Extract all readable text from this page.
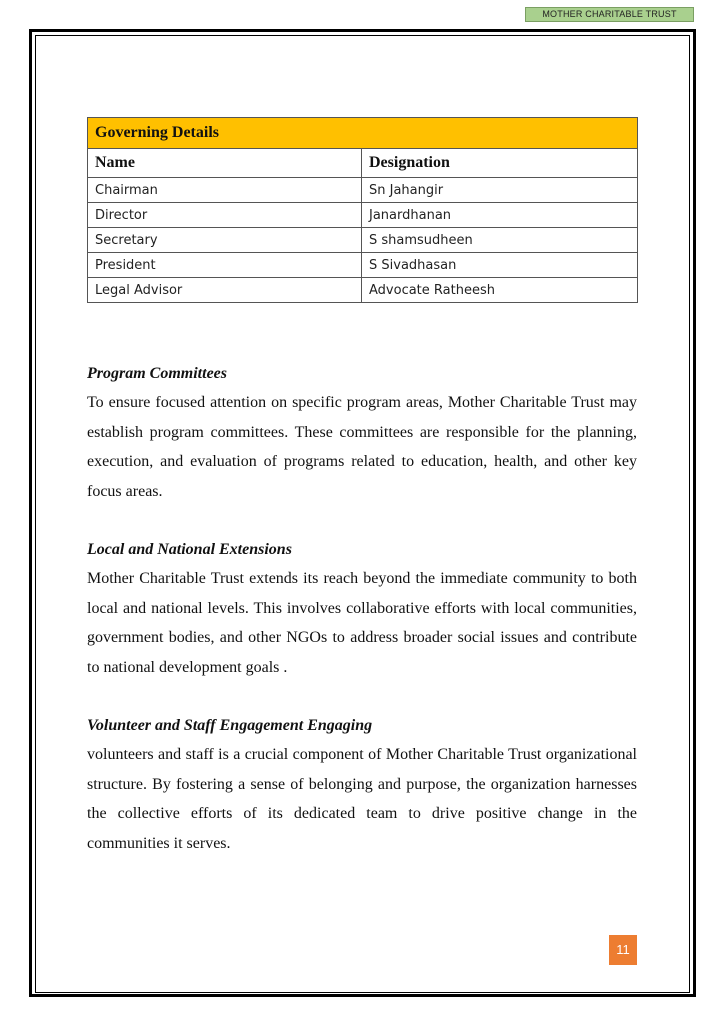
MOTHER CHARITABLE TRUST
Governing Details	
Name	Designation
Chairman	Sn Jahangir
Director	Janardhanan
Secretary	S shamsudheen
President	S Sivadhasan
Legal Advisor	Advocate Ratheesh
Program Committees

To ensure focused attention on specific program areas, Mother Charitable Trust may establish program committees. These committees are responsible for the planning, execution, and evaluation of programs related to education, health, and other key focus areas.

Local and National Extensions

Mother Charitable Trust extends its reach beyond the immediate community to both local and national levels. This involves collaborative efforts with local communities, government bodies, and other NGOs to address broader social issues and contribute to national development goals .

Volunteer and Staff Engagement Engaging

volunteers and staff is a crucial component of Mother Charitable Trust organizational structure. By fostering a sense of belonging and purpose, the organization harnesses the collective efforts of its dedicated team to drive positive change in the communities it serves.

11
